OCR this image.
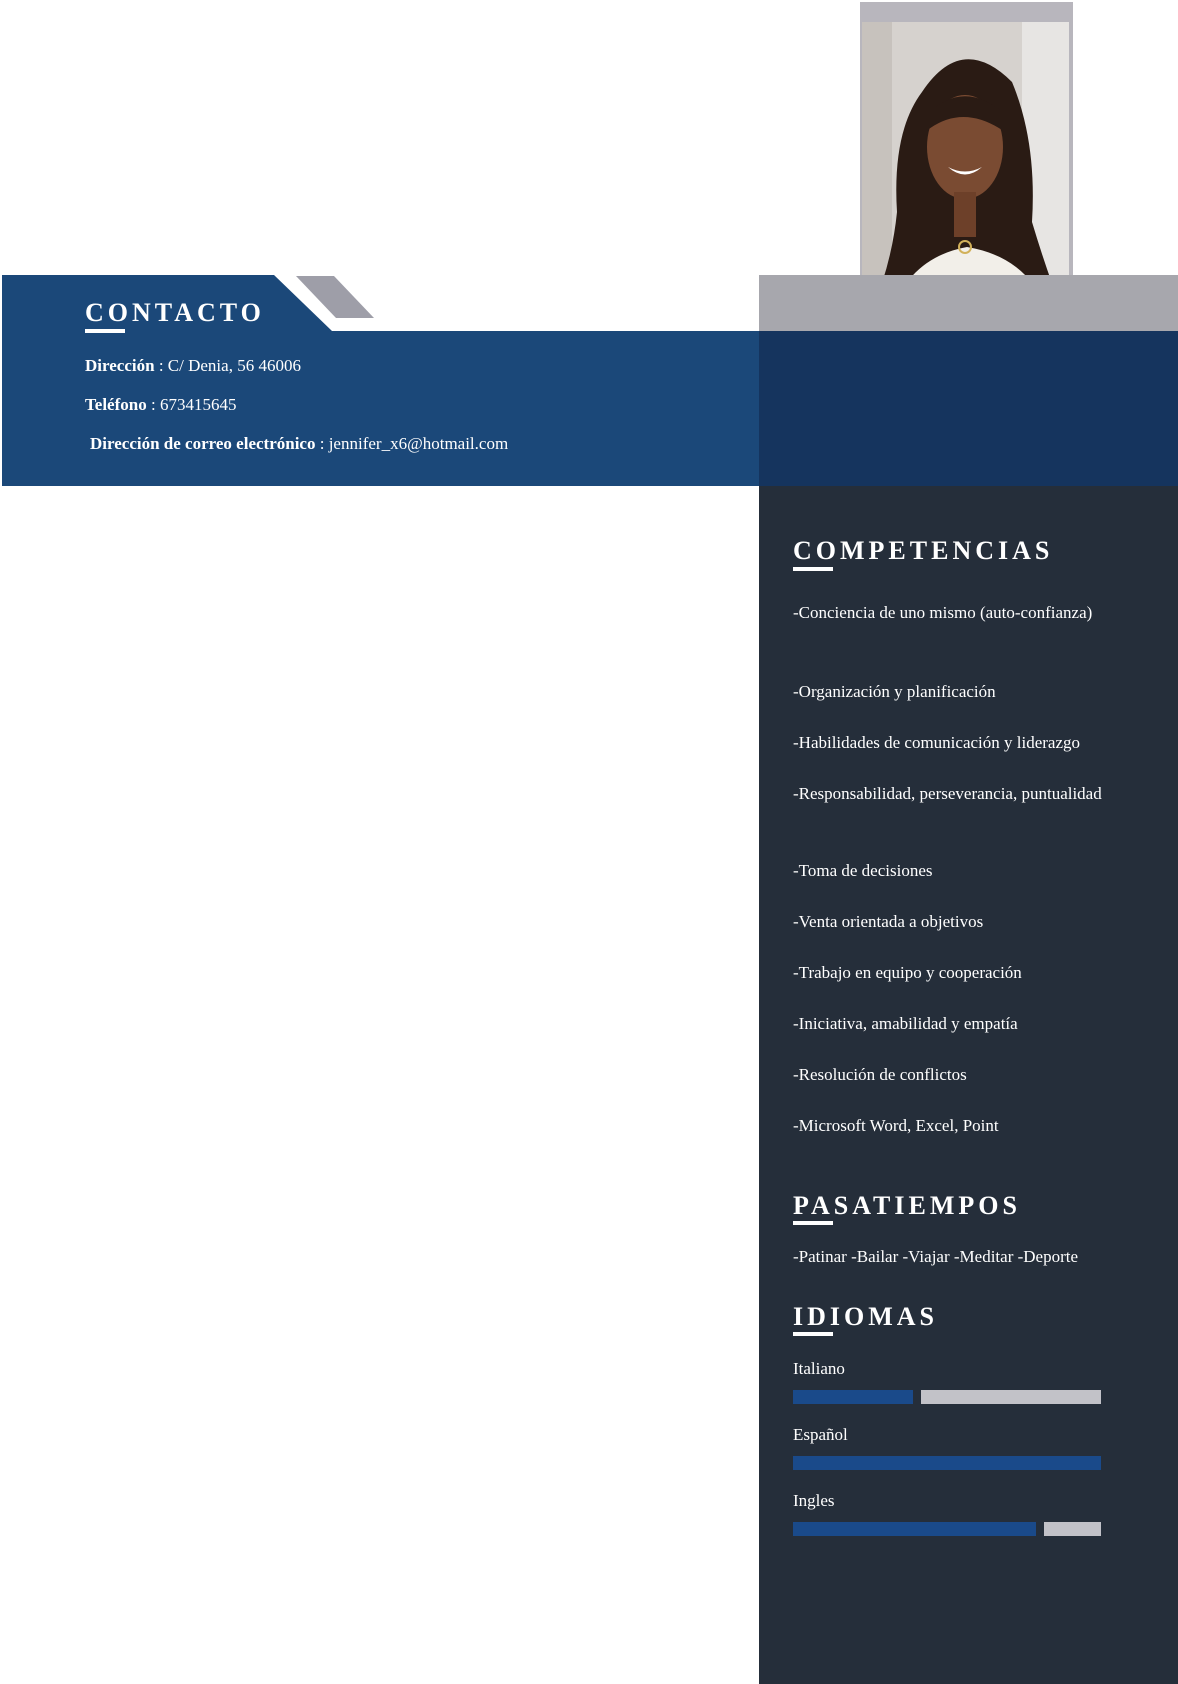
CONTACTO
Dirección : C/ Denia, 56 46006
Teléfono : 673415645
Dirección de correo electrónico : jennifer_x6@hotmail.com
COMPETENCIAS
-Conciencia de uno mismo (auto-confianza)
-Organización y planificación
-Habilidades de comunicación y liderazgo
-Responsabilidad, perseverancia, puntualidad
-Toma de decisiones
-Venta orientada a objetivos
-Trabajo en equipo y cooperación
-Iniciativa, amabilidad y empatía
-Resolución de conflictos
-Microsoft Word, Excel, Point
PASATIEMPOS
-Patinar -Bailar -Viajar -Meditar -Deporte
IDIOMAS
Italiano
Español
Ingles
